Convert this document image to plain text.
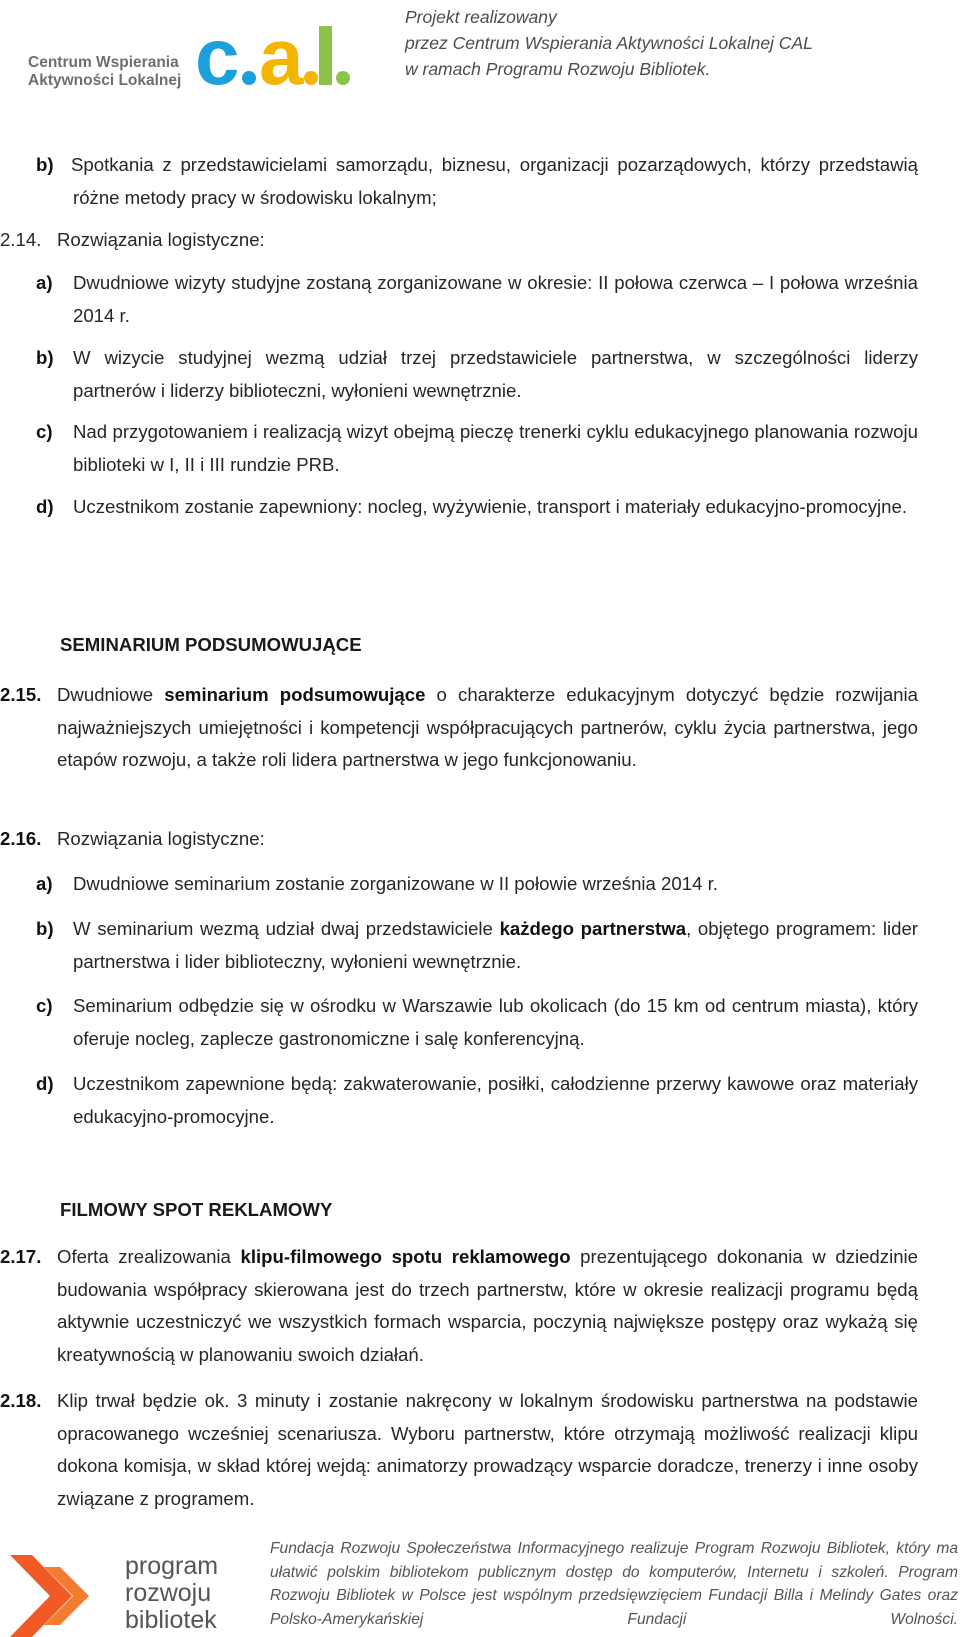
Centrum Wspierania
Aktywności Lokalnej c a	Projekt realizowany
przez Centrum Wspierania Aktywności Lokalnej CAL
w ramach Programu Rozwoju Bibliotek.
b) Spotkania z przedstawicielami samorządu, biznesu, organizacji pozarządowych, którzy przedstawią różne metody pracy w środowisku lokalnym;
2.14. Rozwiązania logistyczne:
a) Dwudniowe wizyty studyjne zostaną zorganizowane w okresie: II połowa czerwca – I połowa września 2014 r.
b) W wizycie studyjnej wezmą udział trzej przedstawiciele partnerstwa, w szczególności liderzy partnerów i liderzy biblioteczni, wyłonieni wewnętrznie.
c) Nad przygotowaniem i realizacją wizyt obejmą pieczę trenerki cyklu edukacyjnego planowania rozwoju biblioteki w I, II i III rundzie PRB.
d) Uczestnikom zostanie zapewniony: nocleg, wyżywienie, transport i materiały edukacyjno-promocyjne.
SEMINARIUM PODSUMOWUJĄCE
2.15. Dwudniowe seminarium podsumowujące o charakterze edukacyjnym dotyczyć będzie rozwijania najważniejszych umiejętności i kompetencji współpracujących partnerów, cyklu życia partnerstwa, jego etapów rozwoju, a także roli lidera partnerstwa w jego funkcjonowaniu.
2.16. Rozwiązania logistyczne:
a) Dwudniowe seminarium zostanie zorganizowane w II połowie września 2014 r.
b) W seminarium wezmą udział dwaj przedstawiciele każdego partnerstwa, objętego programem: lider partnerstwa i lider biblioteczny, wyłonieni wewnętrznie.
c) Seminarium odbędzie się w ośrodku w Warszawie lub okolicach (do 15 km od centrum miasta), który oferuje nocleg, zaplecze gastronomiczne i salę konferencyjną.
d) Uczestnikom zapewnione będą: zakwaterowanie, posiłki, całodzienne przerwy kawowe oraz materiały edukacyjno-promocyjne.
FILMOWY SPOT REKLAMOWY
2.17. Oferta zrealizowania klipu-filmowego spotu reklamowego prezentującego dokonania w dziedzinie budowania współpracy skierowana jest do trzech partnerstw, które w okresie realizacji programu będą aktywnie uczestniczyć we wszystkich formach wsparcia, poczynią największe postępy oraz wykażą się kreatywnością w planowaniu swoich działań.
2.18. Klip trwał będzie ok. 3 minuty i zostanie nakręcony w lokalnym środowisku partnerstwa na podstawie opracowanego wcześniej scenariusza. Wyboru partnerstw, które otrzymają możliwość realizacji klipu dokona komisja, w skład której wejdą: animatorzy prowadzący wsparcie doradcze, trenerzy i inne osoby związane z programem.
program
rozwoju
bibliotek
Fundacja Rozwoju Społeczeństwa Informacyjnego realizuje Program Rozwoju Bibliotek, który ma ułatwić polskim bibliotekom publicznym dostęp do komputerów, Internetu i szkoleń. Program Rozwoju Bibliotek w Polsce jest wspólnym przedsięwzięciem Fundacji Billa i Melindy Gates oraz Polsko-Amerykańskiej Fundacji Wolności.
